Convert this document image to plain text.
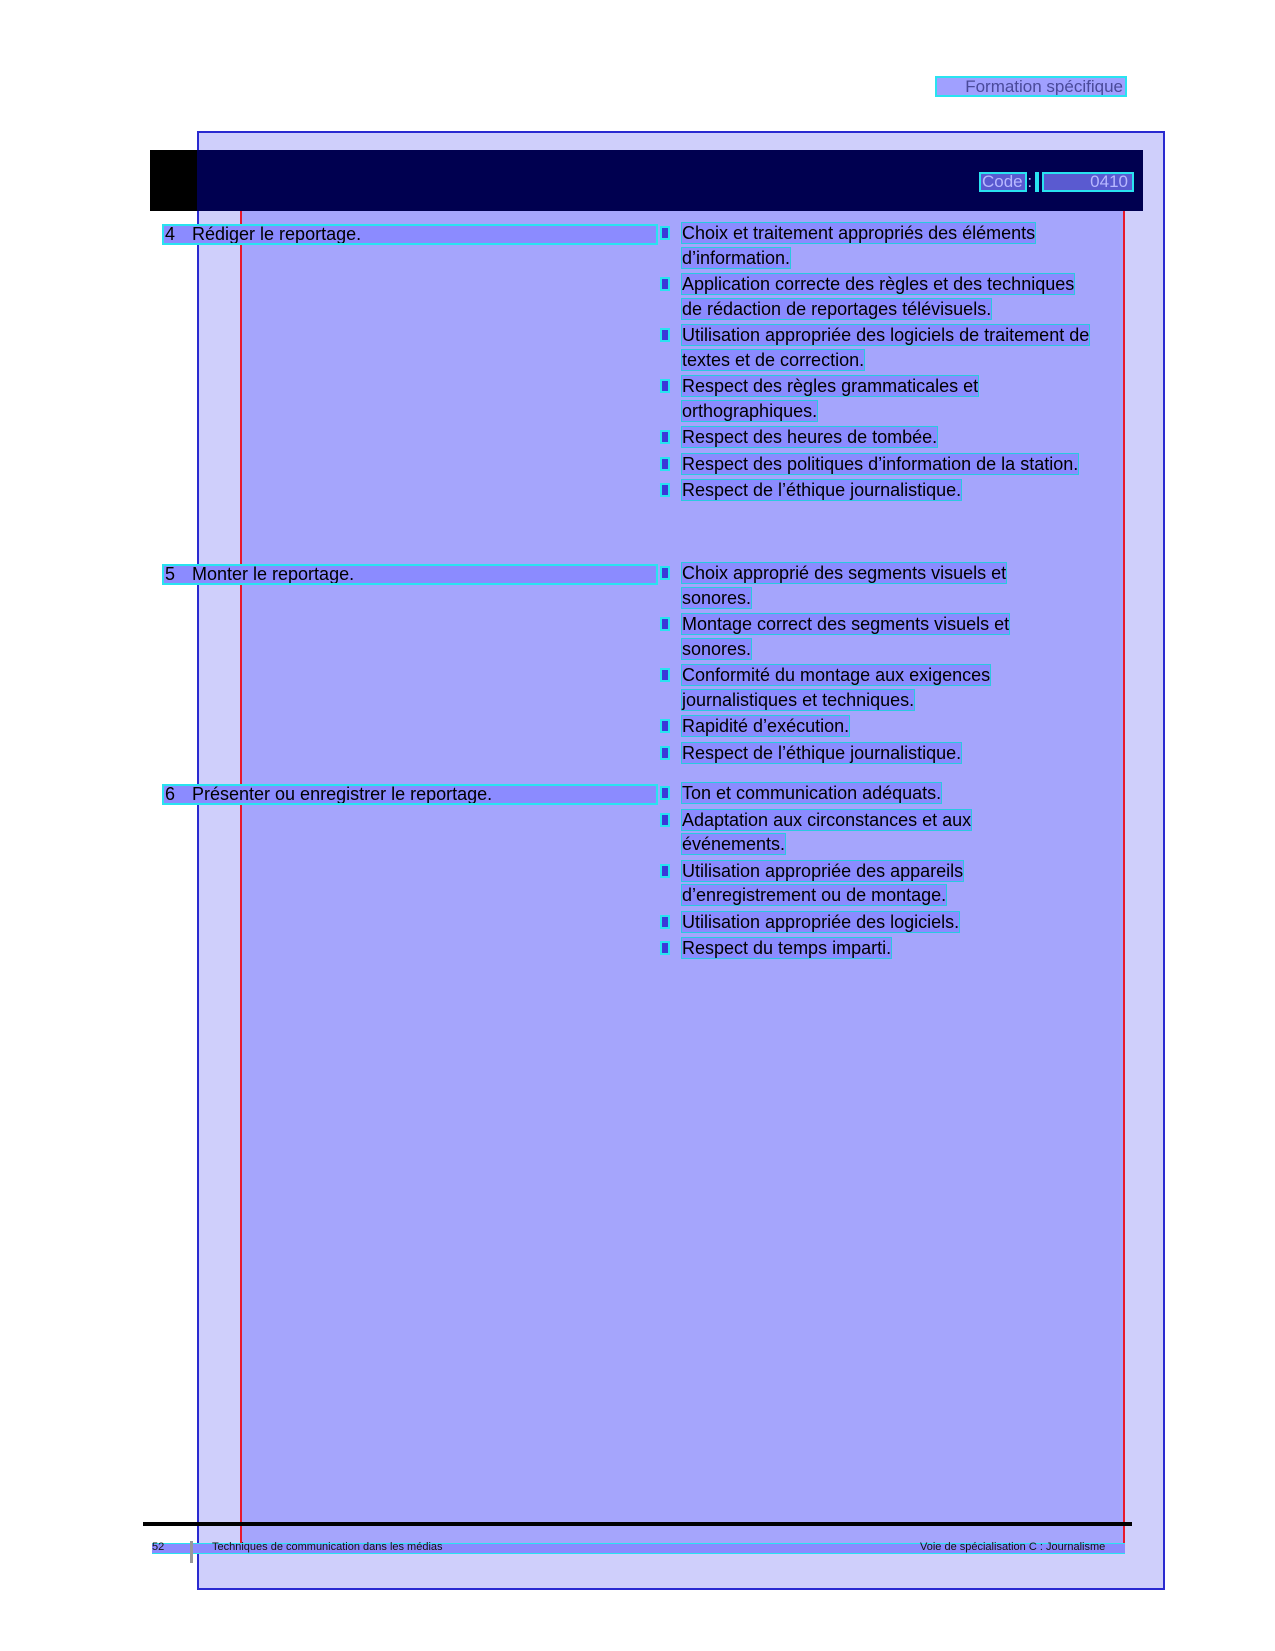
Formation spécifique
Code :	0410
4 Rédiger le reportage.	Choix et traitement appropriés des éléments d’information.
Application correcte des règles et des techniques de rédaction de reportages télévisuels.
Utilisation appropriée des logiciels de traitement de textes et de correction.
Respect des règles grammaticales et orthographiques.
Respect des heures de tombée.
Respect des politiques d’information de la station.
Respect de l’éthique journalistique.
5 Monter le reportage.	Choix approprié des segments visuels et sonores.
Montage correct des segments visuels et sonores.
Conformité du montage aux exigences journalistiques et techniques.
Rapidité d’exécution.
Respect de l’éthique journalistique.
6 Présenter ou enregistrer le reportage.	Ton et communication adéquats.
Adaptation aux circonstances et aux événements.
Utilisation appropriée des appareils d’enregistrement ou de montage.
Utilisation appropriée des logiciels.
Respect du temps imparti.
52	Techniques de communication dans les médias	Voie de spécialisation C : Journalisme
